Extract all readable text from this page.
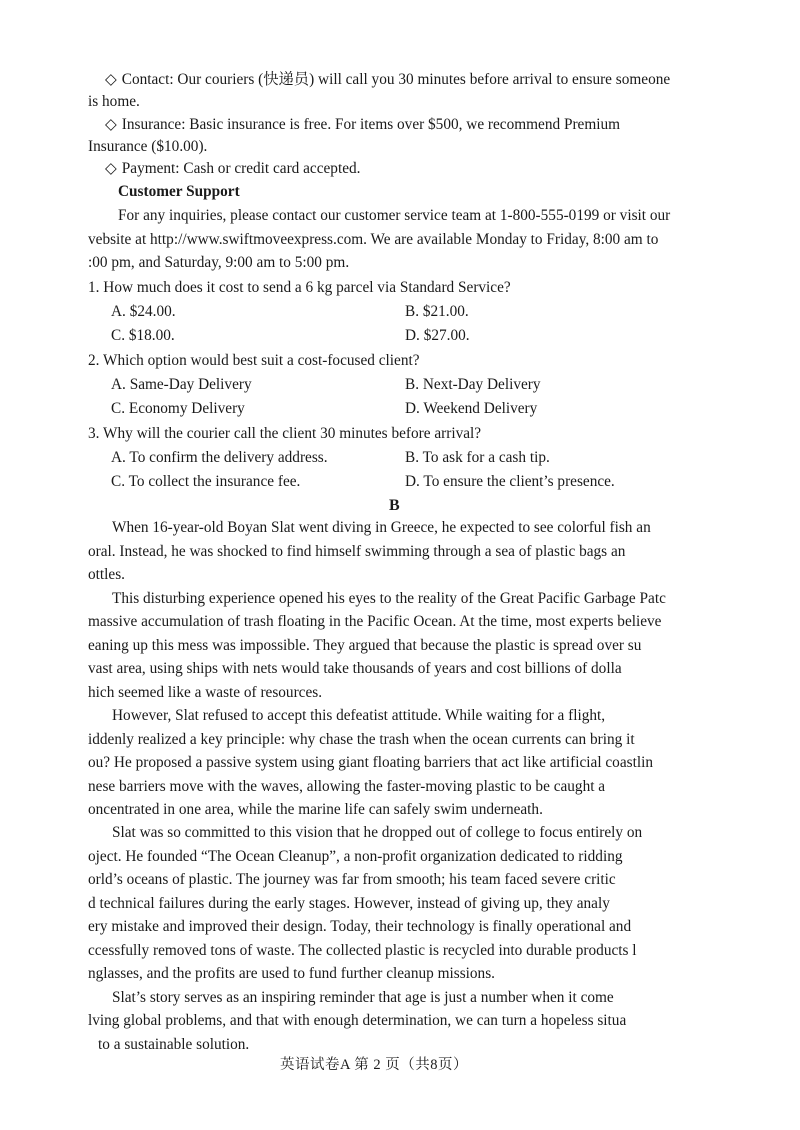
◇ Contact: Our couriers (快递员) will call you 30 minutes before arrival to ensure someone
is home.
◇ Insurance: Basic insurance is free. For items over $500, we recommend Premium
Insurance ($10.00).
◇ Payment: Cash or credit card accepted.
Customer Support
For any inquiries, please contact our customer service team at 1-800-555-0199 or visit our
vebsite at http://www.swiftmoveexpress.com. We are available Monday to Friday, 8:00 am to
:00 pm, and Saturday, 9:00 am to 5:00 pm.
1. How much does it cost to send a 6 kg parcel via Standard Service?
A. $24.00.	B. $21.00.
C. $18.00.	D. $27.00.
2. Which option would best suit a cost-focused client?
A. Same-Day Delivery	B. Next-Day Delivery
C. Economy Delivery	D. Weekend Delivery
3. Why will the courier call the client 30 minutes before arrival?
A. To confirm the delivery address.	B. To ask for a cash tip.
C. To collect the insurance fee.	D. To ensure the client’s presence.
B
When 16-year-old Boyan Slat went diving in Greece, he expected to see colorful fish an
oral. Instead, he was shocked to find himself swimming through a sea of plastic bags an
ottles.
This disturbing experience opened his eyes to the reality of the Great Pacific Garbage Patc
massive accumulation of trash floating in the Pacific Ocean. At the time, most experts believe
eaning up this mess was impossible. They argued that because the plastic is spread over su
vast area, using ships with nets would take thousands of years and cost billions of dolla
hich seemed like a waste of resources.
However, Slat refused to accept this defeatist attitude. While waiting for a flight,
iddenly realized a key principle: why chase the trash when the ocean currents can bring it
ou? He proposed a passive system using giant floating barriers that act like artificial coastlin
nese barriers move with the waves, allowing the faster-moving plastic to be caught a
oncentrated in one area, while the marine life can safely swim underneath.
Slat was so committed to this vision that he dropped out of college to focus entirely on
oject. He founded “The Ocean Cleanup”, a non-profit organization dedicated to ridding
orld’s oceans of plastic. The journey was far from smooth; his team faced severe critic
d technical failures during the early stages. However, instead of giving up, they analy
ery mistake and improved their design. Today, their technology is finally operational and
ccessfully removed tons of waste. The collected plastic is recycled into durable products l
nglasses, and the profits are used to fund further cleanup missions.
Slat’s story serves as an inspiring reminder that age is just a number when it come
lving global problems, and that with enough determination, we can turn a hopeless situa
to a sustainable solution.
英语试卷A 第 2 页（共8页）
